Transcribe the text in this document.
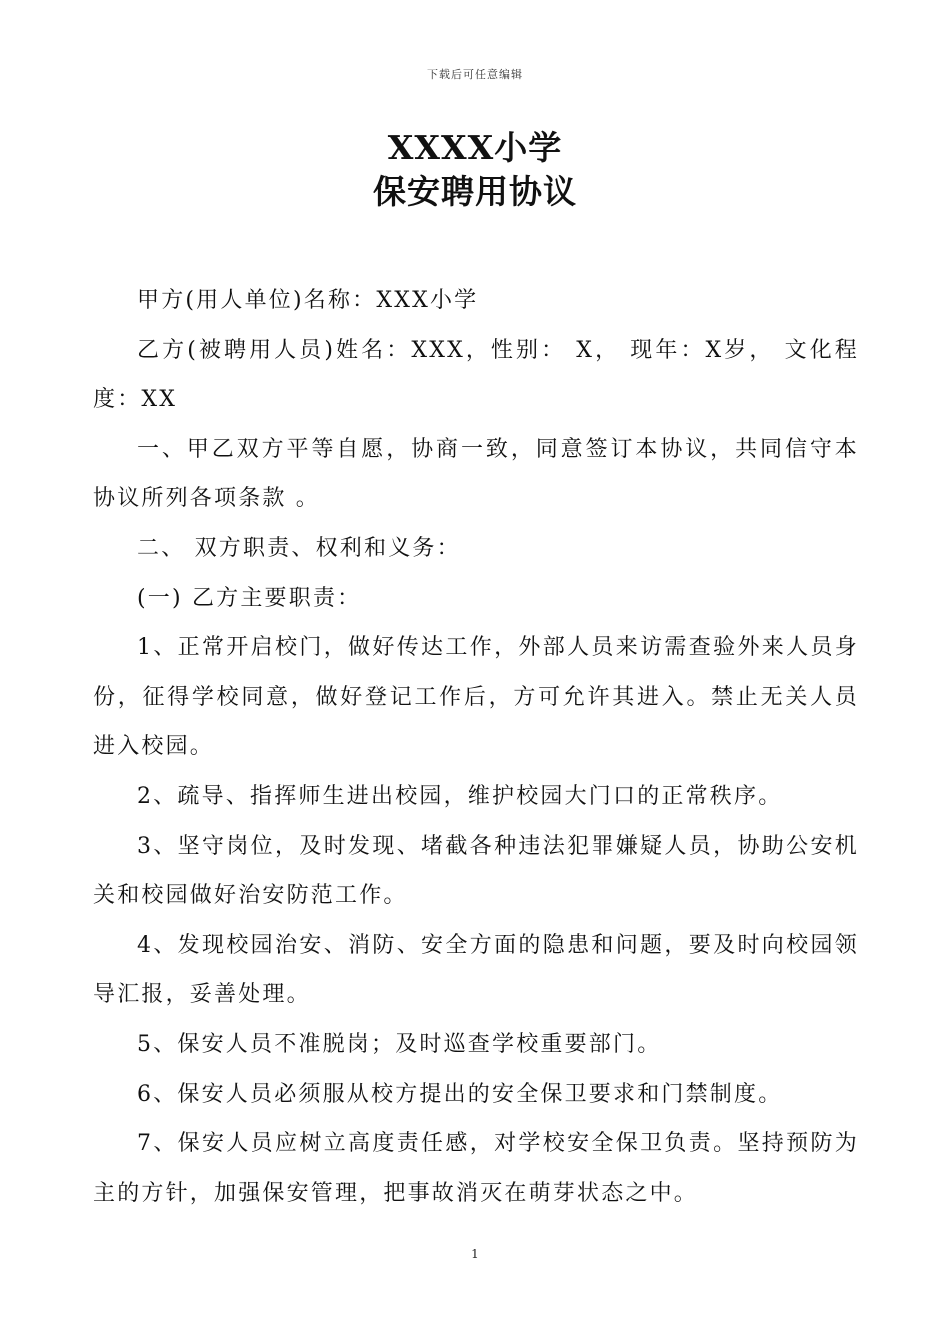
下载后可任意编辑
XXXX小学
保安聘用协议

甲方(用人单位)名称：XXX小学

乙方(被聘用人员)姓名：XXX，性别： X， 现年：X岁， 文化程度：XX

一、甲乙双方平等自愿，协商一致，同意签订本协议，共同信守本协议所列各项条款 。

二、 双方职责、权利和义务：

(一) 乙方主要职责：

1、正常开启校门，做好传达工作，外部人员来访需查验外来人员身份，征得学校同意，做好登记工作后，方可允许其进入。禁止无关人员进入校园。

2、疏导、指挥师生进出校园，维护校园大门口的正常秩序。

3、坚守岗位，及时发现、堵截各种违法犯罪嫌疑人员，协助公安机关和校园做好治安防范工作。

4、发现校园治安、消防、安全方面的隐患和问题，要及时向校园领导汇报，妥善处理。

5、保安人员不准脱岗；及时巡查学校重要部门。

6、保安人员必须服从校方提出的安全保卫要求和门禁制度。

7、保安人员应树立高度责任感，对学校安全保卫负责。坚持预防为主的方针，加强保安管理，把事故消灭在萌芽状态之中。

1
